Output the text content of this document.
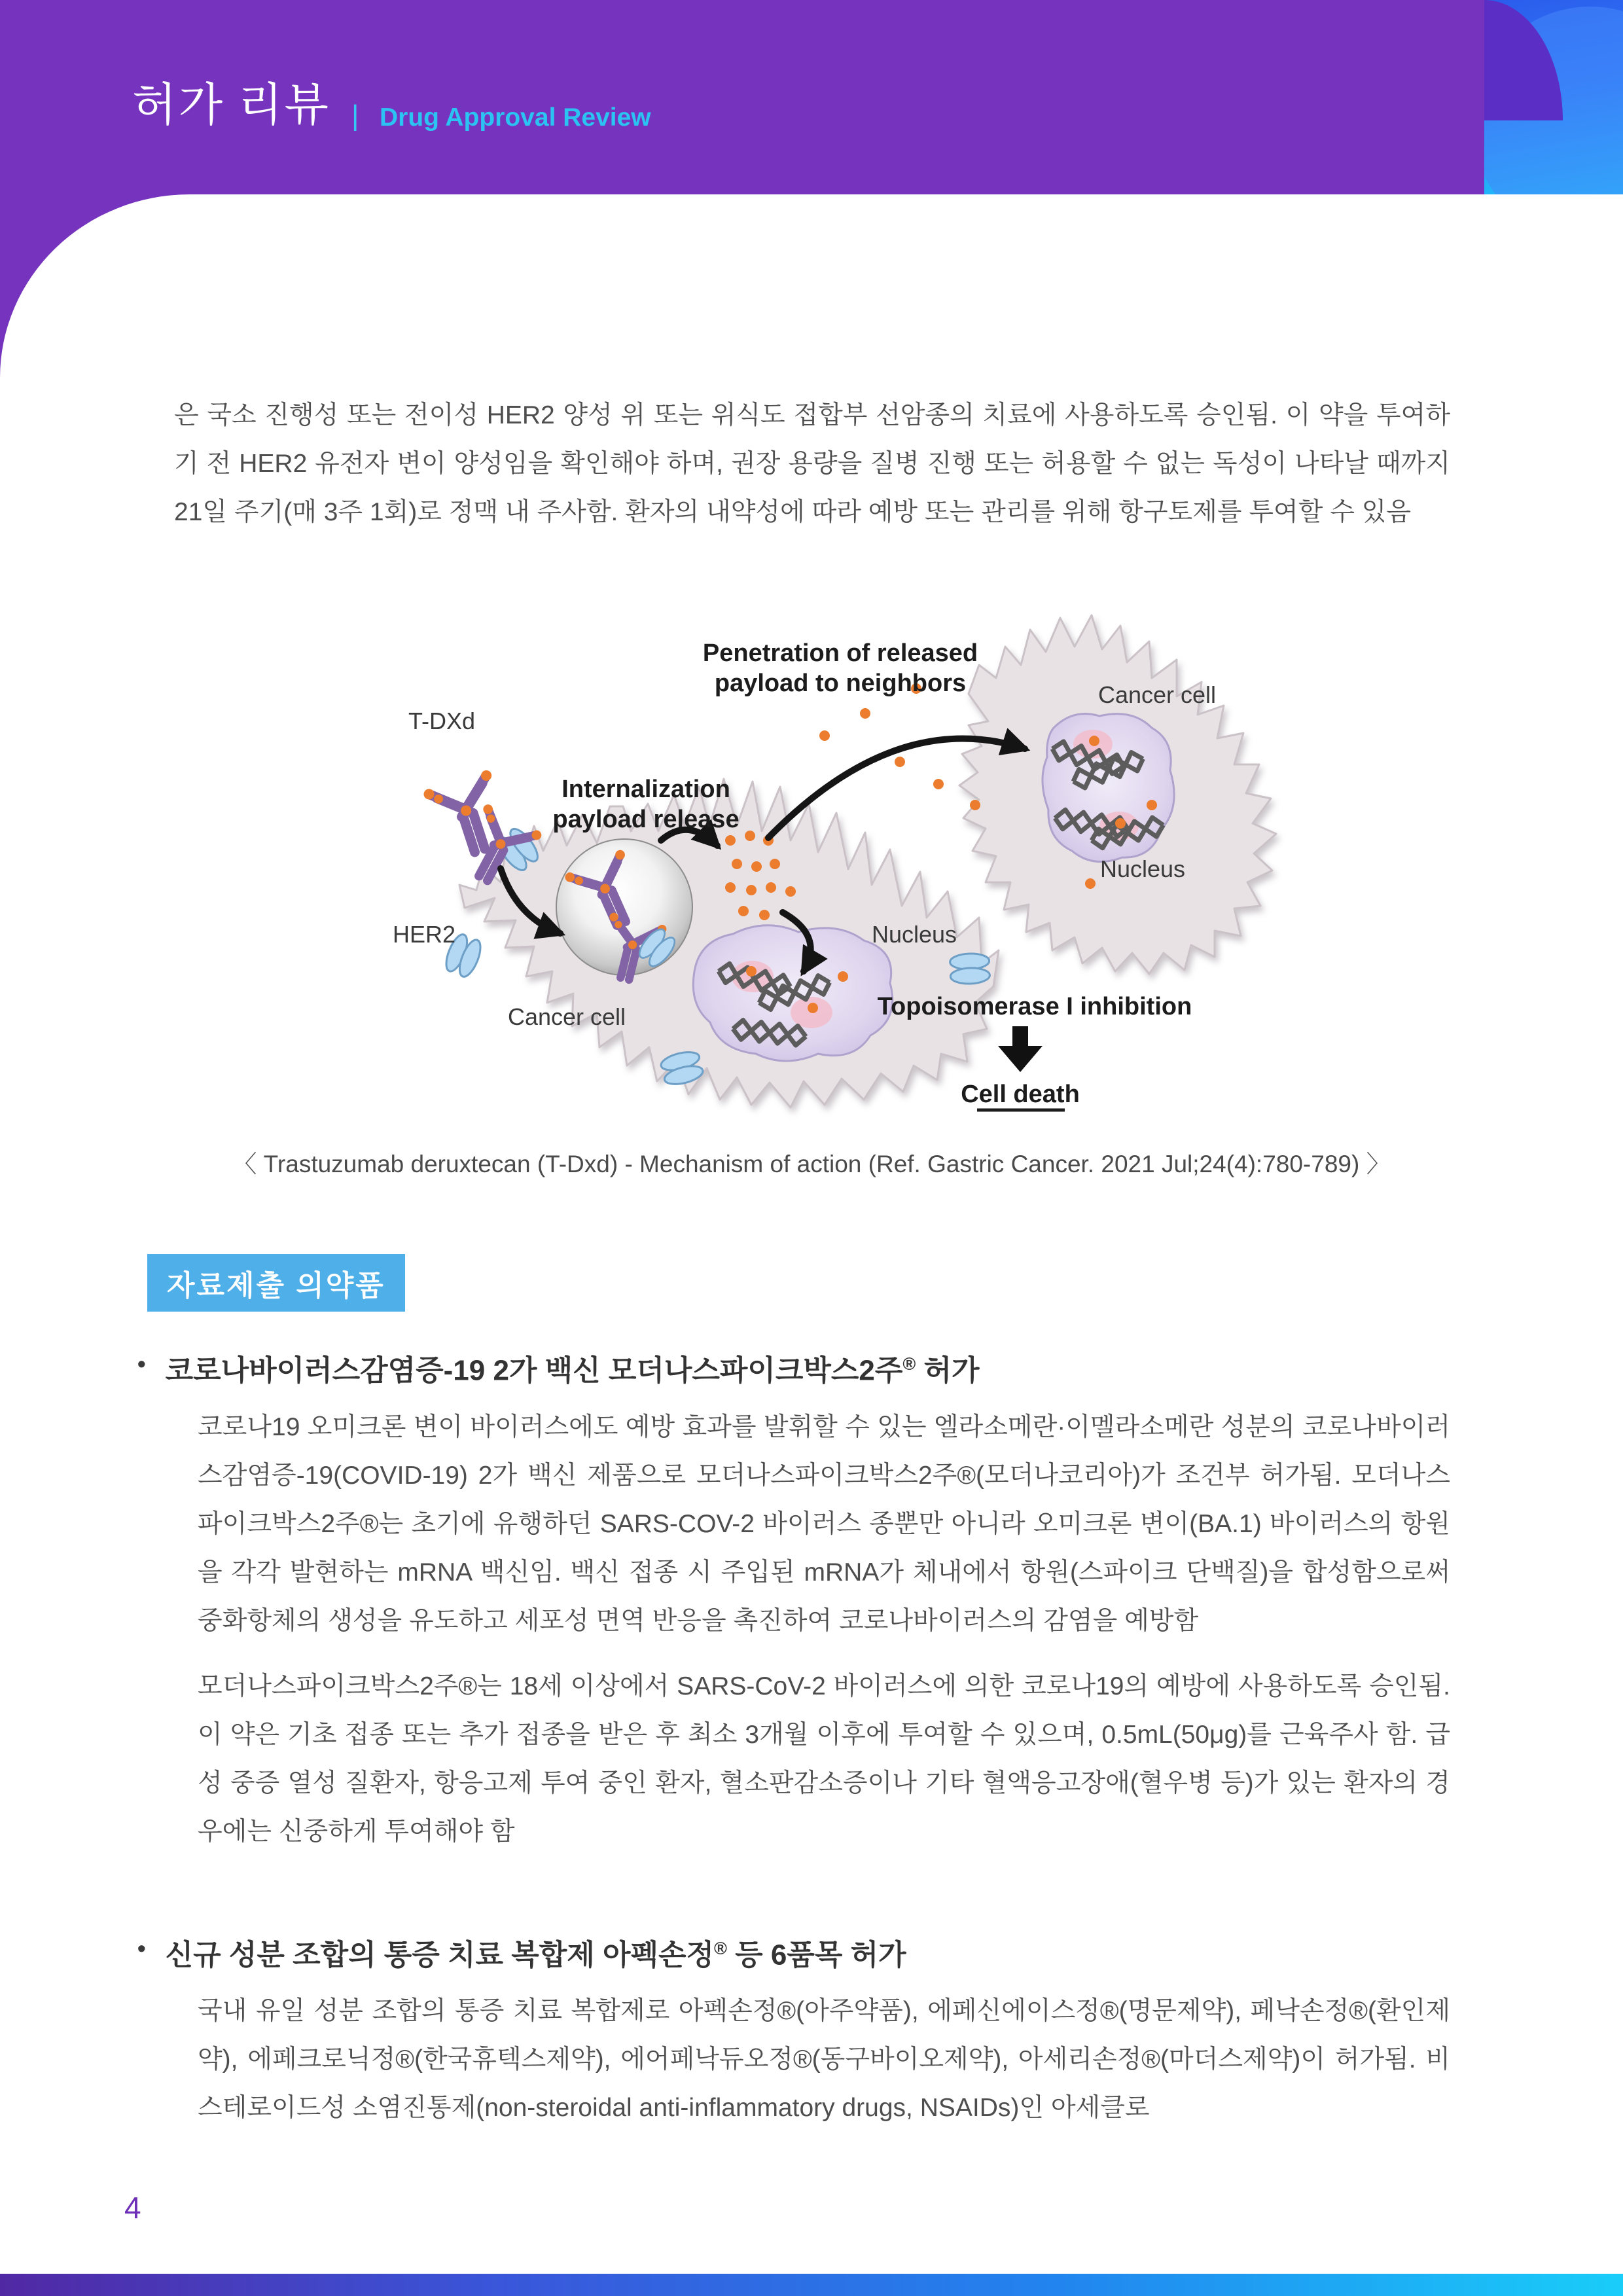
허가 리뷰 | Drug Approval Review
은 국소 진행성 또는 전이성 HER2 양성 위 또는 위식도 접합부 선암종의 치료에 사용하도록 승인됨. 이 약을 투여하기 전 HER2 유전자 변이 양성임을 확인해야 하며, 권장 용량을 질병 진행 또는 허용할 수 없는 독성이 나타날 때까지 21일 주기(매 3주 1회)로 정맥 내 주사함. 환자의 내약성에 따라 예방 또는 관리를 위해 항구토제를 투여할 수 있음
Penetration of released
payload to neighbors
T-DXd
Internalization
payload release
HER2
Cancer cell
Cancer cell
Nucleus
Nucleus
Topoisomerase I inhibition
Cell death
〈 Trastuzumab deruxtecan (T-Dxd) - Mechanism of action (Ref. Gastric Cancer. 2021 Jul;24(4):780-789) 〉
자료제출 의약품
• 코로나바이러스감염증-19 2가 백신 모더나스파이크박스2주® 허가
코로나19 오미크론 변이 바이러스에도 예방 효과를 발휘할 수 있는 엘라소메란·이멜라소메란 성분의 코로나바이러스감염증-19(COVID-19) 2가 백신 제품으로 모더나스파이크박스2주®(모더나코리아)가 조건부 허가됨. 모더나스파이크박스2주®는 초기에 유행하던 SARS-COV-2 바이러스 종뿐만 아니라 오미크론 변이(BA.1) 바이러스의 항원을 각각 발현하는 mRNA 백신임. 백신 접종 시 주입된 mRNA가 체내에서 항원(스파이크 단백질)을 합성함으로써 중화항체의 생성을 유도하고 세포성 면역 반응을 촉진하여 코로나바이러스의 감염을 예방함
모더나스파이크박스2주®는 18세 이상에서 SARS-CoV-2 바이러스에 의한 코로나19의 예방에 사용하도록 승인됨. 이 약은 기초 접종 또는 추가 접종을 받은 후 최소 3개월 이후에 투여할 수 있으며, 0.5mL(50μg)를 근육주사 함. 급성 중증 열성 질환자, 항응고제 투여 중인 환자, 혈소판감소증이나 기타 혈액응고장애(혈우병 등)가 있는 환자의 경우에는 신중하게 투여해야 함
• 신규 성분 조합의 통증 치료 복합제 아펙손정® 등 6품목 허가
국내 유일 성분 조합의 통증 치료 복합제로 아펙손정®(아주약품), 에페신에이스정®(명문제약), 페낙손정®(환인제약), 에페크로닉정®(한국휴텍스제약), 에어페낙듀오정®(동구바이오제약), 아세리손정®(마더스제약)이 허가됨. 비스테로이드성 소염진통제(non-steroidal anti-inflammatory drugs, NSAIDs)인 아세클로
4
